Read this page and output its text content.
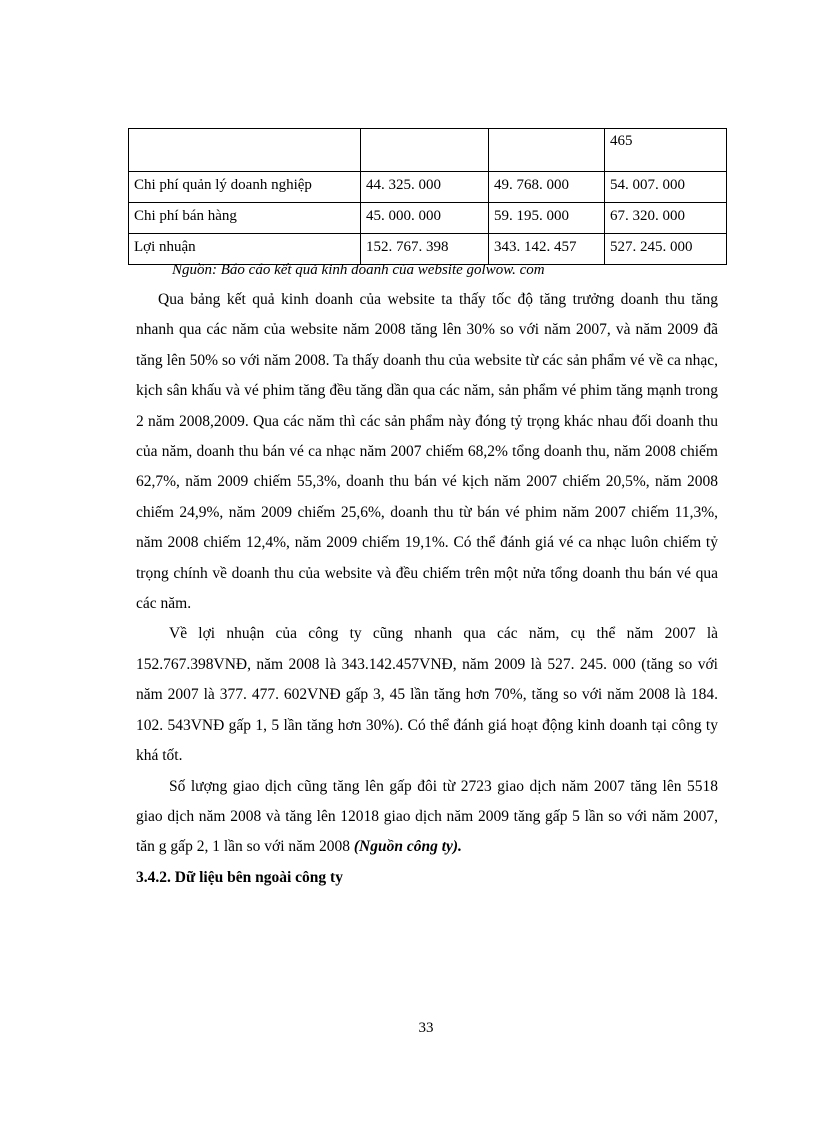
			465
Chi phí quản lý doanh nghiệp	44. 325. 000	49. 768. 000	54. 007. 000
Chi phí bán hàng	45. 000. 000	59. 195. 000	67. 320. 000
Lợi nhuận	152. 767. 398	343. 142. 457	527. 245. 000

Nguồn: Báo cáo kết quả kinh doanh của website golwow. com

Qua bảng kết quả kinh doanh của website ta thấy tốc độ tăng trưởng doanh thu tăng nhanh qua các năm của website năm 2008 tăng lên 30% so với năm 2007, và năm 2009 đã tăng lên 50% so với năm 2008. Ta thấy doanh thu của website từ các sản phẩm vé về ca nhạc, kịch sân khấu và vé phim tăng đều tăng dần qua các năm, sản phẩm vé phim tăng mạnh trong 2 năm 2008,2009. Qua các năm thì các sản phẩm này đóng tỷ trọng khác nhau đối doanh thu của năm, doanh thu bán vé ca nhạc năm 2007 chiếm 68,2% tổng doanh thu, năm 2008 chiếm 62,7%, năm 2009 chiếm 55,3%, doanh thu bán vé kịch năm 2007 chiếm 20,5%, năm 2008 chiếm 24,9%, năm 2009 chiếm 25,6%, doanh thu từ bán vé phim năm 2007 chiếm 11,3%, năm 2008 chiếm 12,4%, năm 2009 chiếm 19,1%. Có thể đánh giá vé ca nhạc luôn chiếm tỷ trọng chính về doanh thu của website và đều chiếm trên một nửa tổng doanh thu bán vé qua các năm.

Về lợi nhuận của công ty cũng nhanh qua các năm, cụ thể năm 2007 là 152.767.398VNĐ, năm 2008 là 343.142.457VNĐ, năm 2009 là 527. 245. 000 (tăng so với năm 2007 là 377. 477. 602VNĐ gấp 3, 45 lần tăng hơn 70%, tăng so với năm 2008 là 184. 102. 543VNĐ gấp 1, 5 lần tăng hơn 30%). Có thể đánh giá hoạt động kinh doanh tại công ty khá tốt.

Số lượng giao dịch cũng tăng lên gấp đôi từ 2723 giao dịch năm 2007 tăng lên 5518 giao dịch năm 2008 và tăng lên 12018 giao dịch năm 2009 tăng gấp 5 lần so với năm 2007, tăn g gấp 2, 1 lần so với năm 2008 (Nguồn công ty).

3.4.2. Dữ liệu bên ngoài công ty

33
